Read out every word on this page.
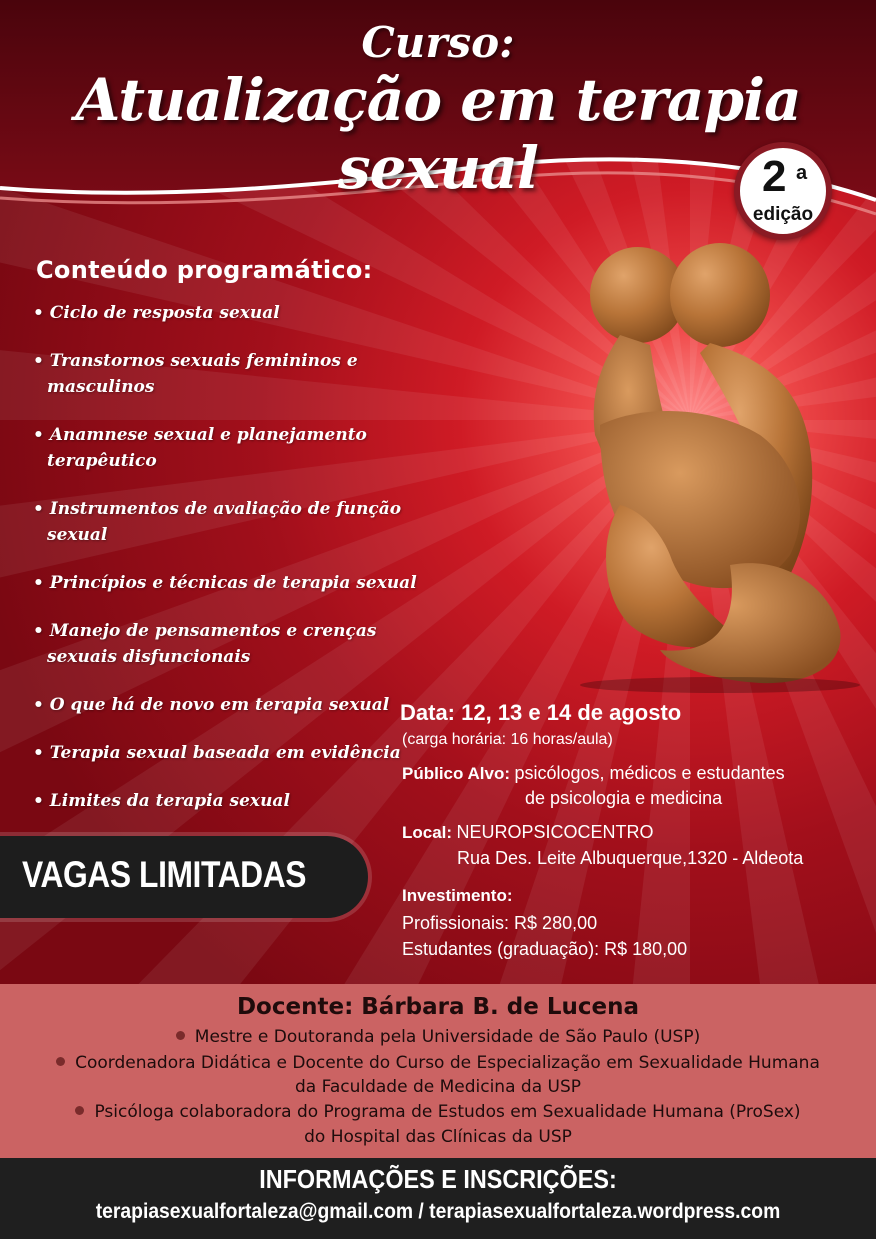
Curso:
Atualização em terapia sexual	2 a
edição
Conteúdo programático:
• Ciclo de resposta sexual
• Transtornos sexuais femininos e masculinos
• Anamnese sexual e planejamento terapêutico
• Instrumentos de avaliação de função sexual
• Princípios e técnicas de terapia sexual
• Manejo de pensamentos e crenças sexuais disfuncionais
• O que há de novo em terapia sexual
• Terapia sexual baseada em evidência
• Limites da terapia sexual
•
VAGAS LIMITADAS
Data: 12, 13 e 14 de agosto
(carga horária: 16 horas/aula)
Público Alvo: psicólogos, médicos e estudantes
de psicologia e medicina
Local: NEUROPSICOCENTRO
Rua Des. Leite Albuquerque,1320 - Aldeota
Investimento:
Profissionais: R$ 280,00
Estudantes (graduação): R$ 180,00
Docente: Bárbara B. de Lucena
Mestre e Doutoranda pela Universidade de São Paulo (USP)
Coordenadora Didática e Docente do Curso de Especialização em Sexualidade Humana
da Faculdade de Medicina da USP
Psicóloga colaboradora do Programa de Estudos em Sexualidade Humana (ProSex)
do Hospital das Clínicas da USP
INFORMAÇÕES E INSCRIÇÕES:
terapiasexualfortaleza@gmail.com / terapiasexualfortaleza.wordpress.com
